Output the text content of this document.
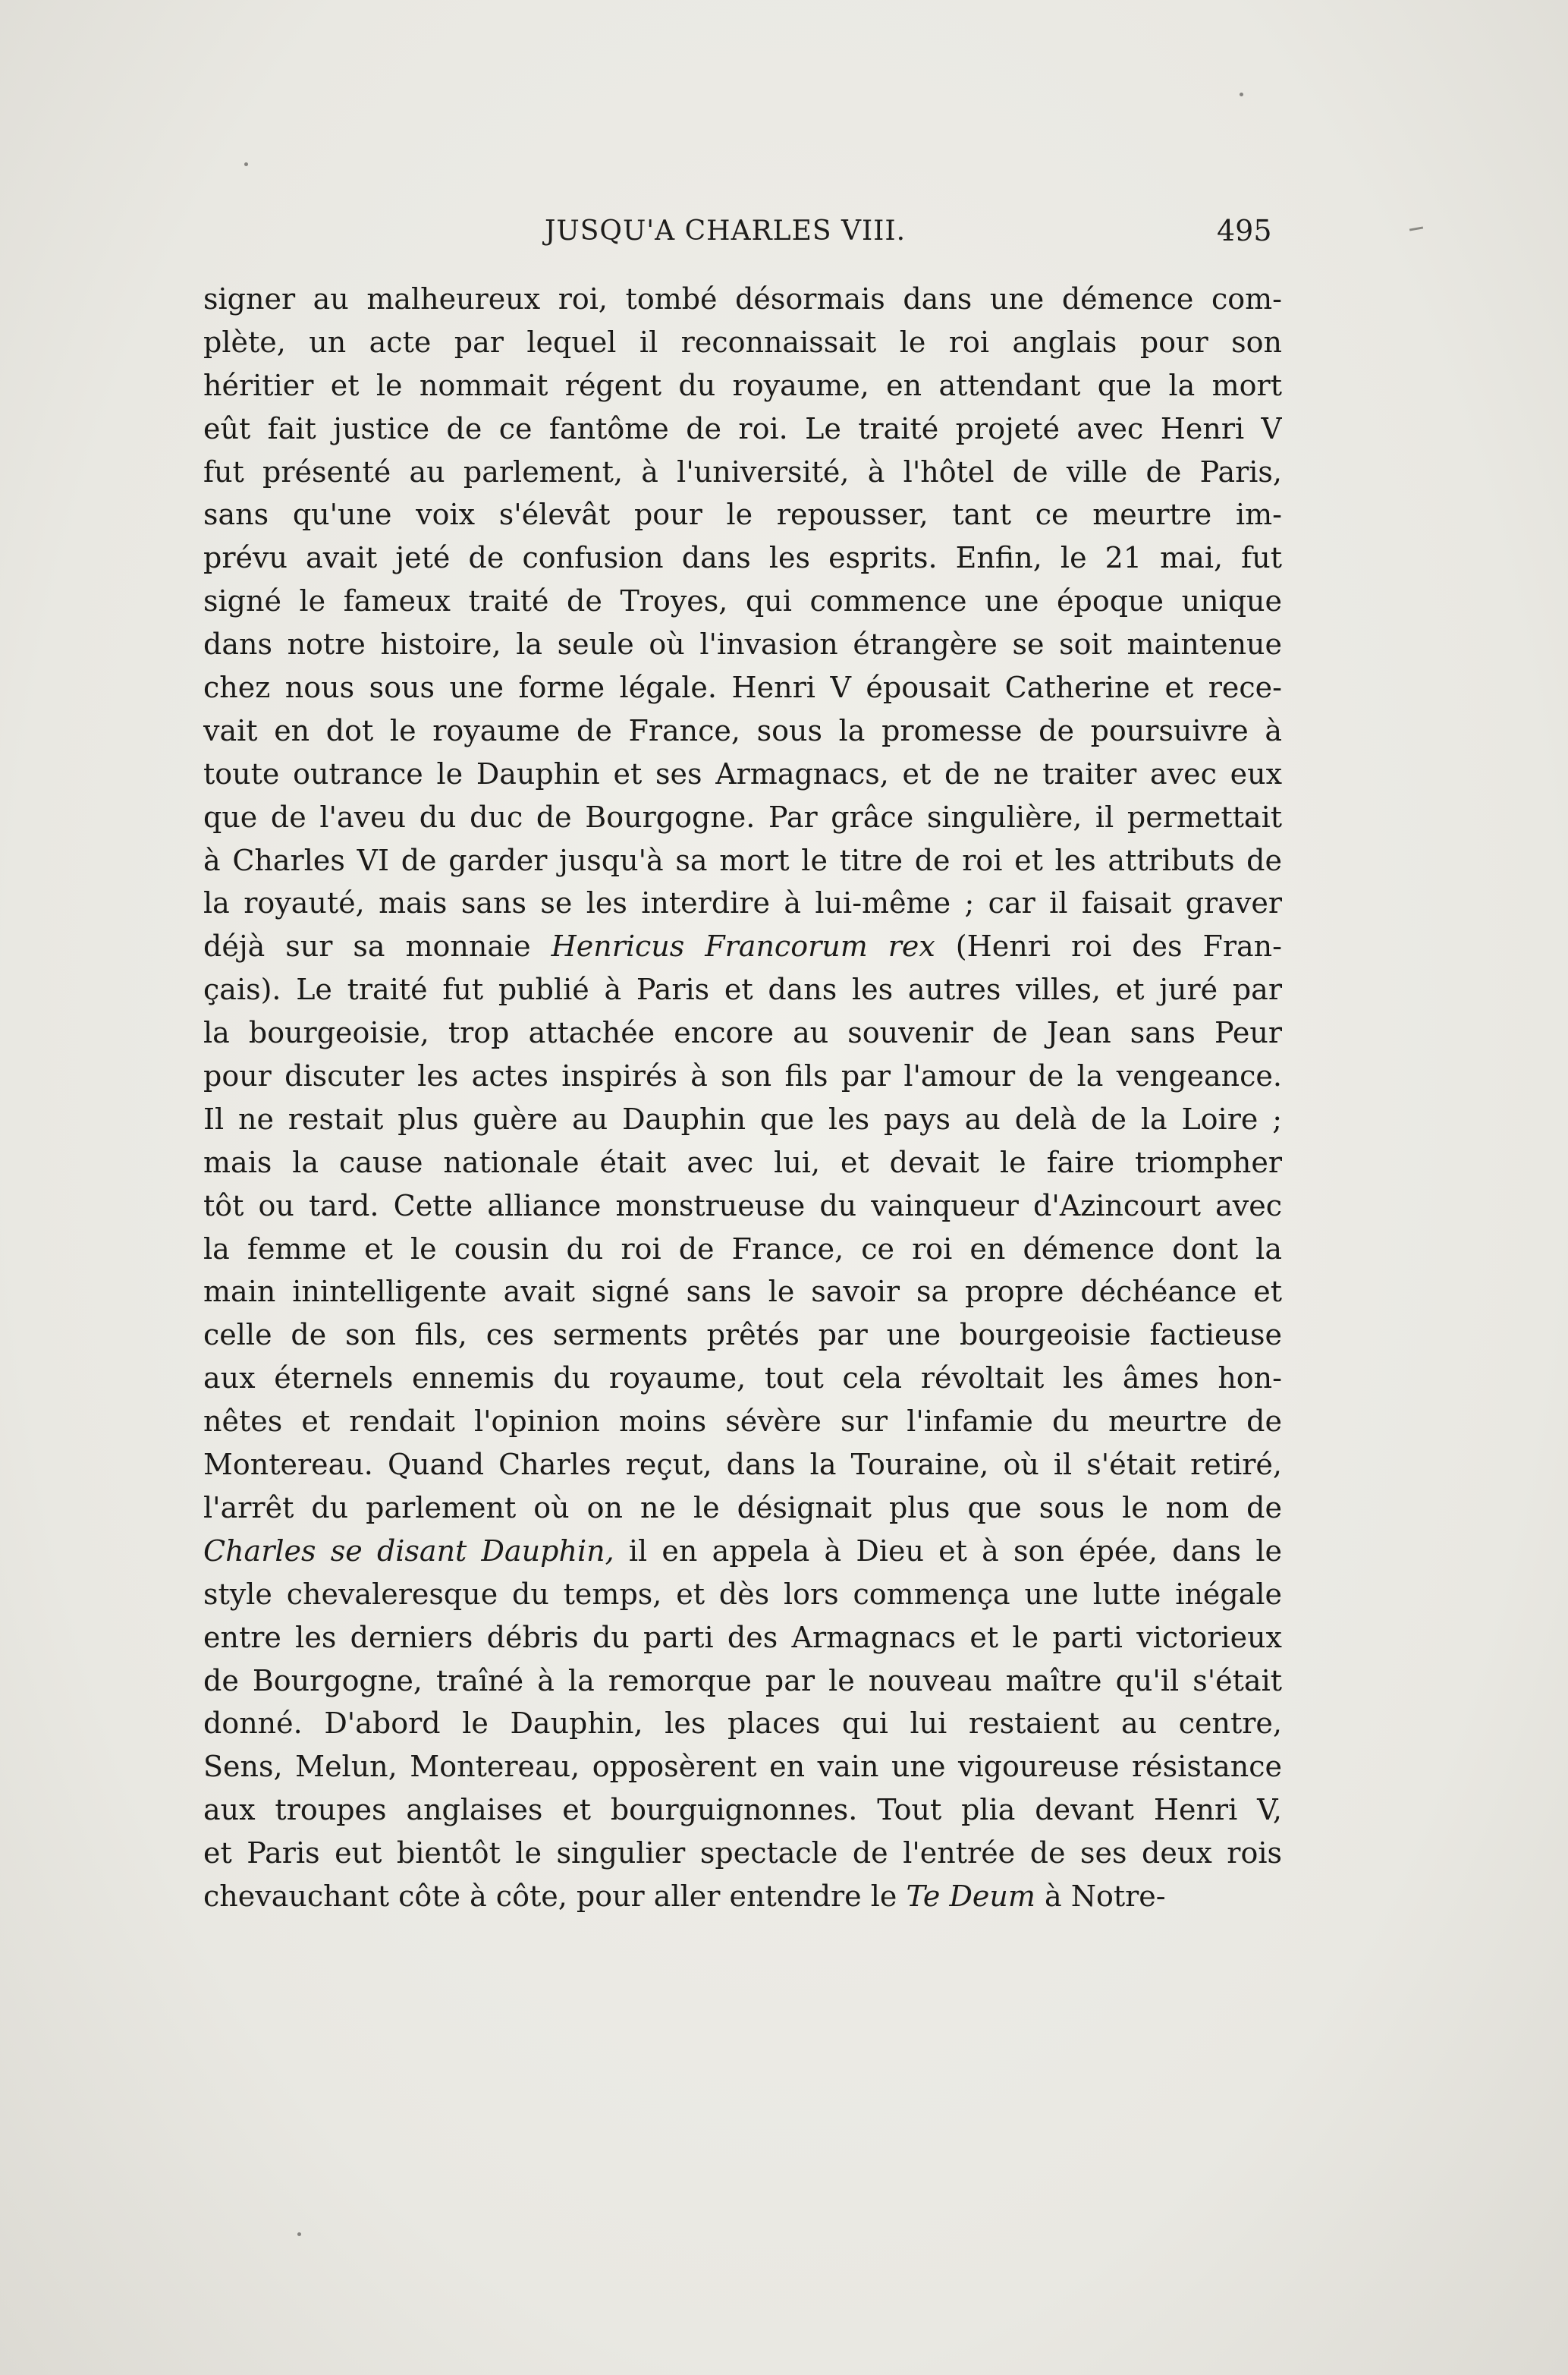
JUSQU'A CHARLES VIII.	495
signer au malheureux roi, tombé désormais dans une démence com-
plète, un acte par lequel il reconnaissait le roi anglais pour son
héritier et le nommait régent du royaume, en attendant que la mort
eût fait justice de ce fantôme de roi. Le traité projeté avec Henri V
fut présenté au parlement, à l'université, à l'hôtel de ville de Paris,
sans qu'une voix s'élevât pour le repousser, tant ce meurtre im-
prévu avait jeté de confusion dans les esprits. Enfin, le 21 mai, fut
signé le fameux traité de Troyes, qui commence une époque unique
dans notre histoire, la seule où l'invasion étrangère se soit maintenue
chez nous sous une forme légale. Henri V épousait Catherine et rece-
vait en dot le royaume de France, sous la promesse de poursuivre à
toute outrance le Dauphin et ses Armagnacs, et de ne traiter avec eux
que de l'aveu du duc de Bourgogne. Par grâce singulière, il permettait
à Charles VI de garder jusqu'à sa mort le titre de roi et les attributs de
la royauté, mais sans se les interdire à lui-même ; car il faisait graver
déjà sur sa monnaie Henricus Francorum rex (Henri roi des Fran-
çais). Le traité fut publié à Paris et dans les autres villes, et juré par
la bourgeoisie, trop attachée encore au souvenir de Jean sans Peur
pour discuter les actes inspirés à son fils par l'amour de la vengeance.
Il ne restait plus guère au Dauphin que les pays au delà de la Loire ;
mais la cause nationale était avec lui, et devait le faire triompher
tôt ou tard. Cette alliance monstrueuse du vainqueur d'Azincourt avec
la femme et le cousin du roi de France, ce roi en démence dont la
main inintelligente avait signé sans le savoir sa propre déchéance et
celle de son fils, ces serments prêtés par une bourgeoisie factieuse
aux éternels ennemis du royaume, tout cela révoltait les âmes hon-
nêtes et rendait l'opinion moins sévère sur l'infamie du meurtre de
Montereau. Quand Charles reçut, dans la Touraine, où il s'était retiré,
l'arrêt du parlement où on ne le désignait plus que sous le nom de
Charles se disant Dauphin, il en appela à Dieu et à son épée, dans le
style chevaleresque du temps, et dès lors commença une lutte inégale
entre les derniers débris du parti des Armagnacs et le parti victorieux
de Bourgogne, traîné à la remorque par le nouveau maître qu'il s'était
donné. D'abord le Dauphin, les places qui lui restaient au centre,
Sens, Melun, Montereau, opposèrent en vain une vigoureuse résistance
aux troupes anglaises et bourguignonnes. Tout plia devant Henri V,
et Paris eut bientôt le singulier spectacle de l'entrée de ses deux rois
chevauchant côte à côte, pour aller entendre le Te Deum à Notre-
